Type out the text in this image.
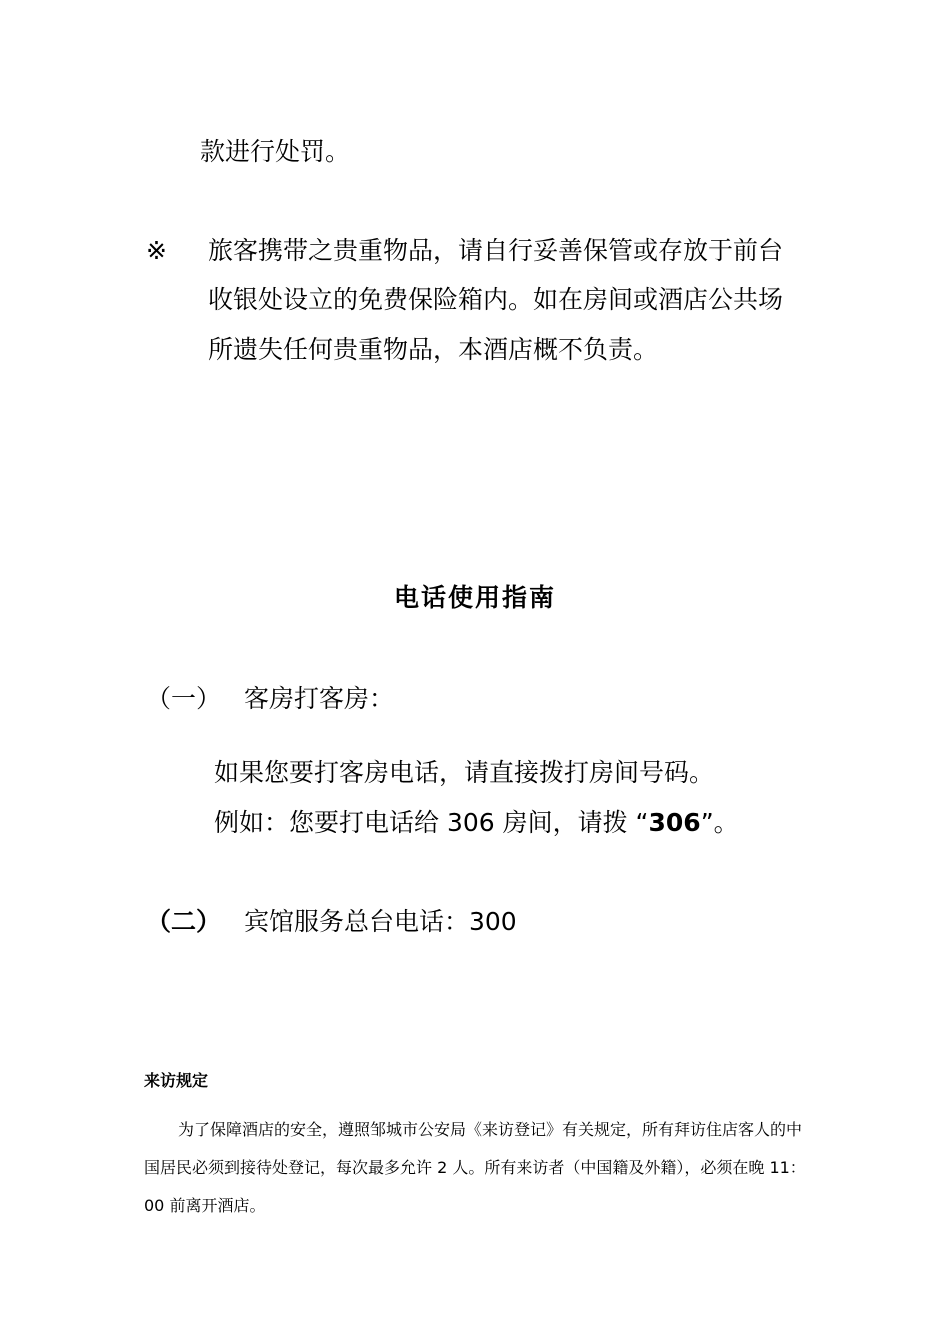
款进行处罚。
※ 旅客携带之贵重物品，请自行妥善保管或存放于前台
收银处设立的免费保险箱内。如在房间或酒店公共场
所遗失任何贵重物品，本酒店概不负责。
电话使用指南
（一） 客房打客房：
如果您要打客房电话，请直接拨打房间号码。
例如：您要打电话给 306 房间，请拨 “306”。
（二） 宾馆服务总台电话：300
来访规定
为了保障酒店的安全，遵照邹城市公安局《来访登记》有关规定，所有拜访住店客人的中
国居民必须到接待处登记，每次最多允许 2 人。所有来访者（中国籍及外籍），必须在晚 11：
00 前离开酒店。
